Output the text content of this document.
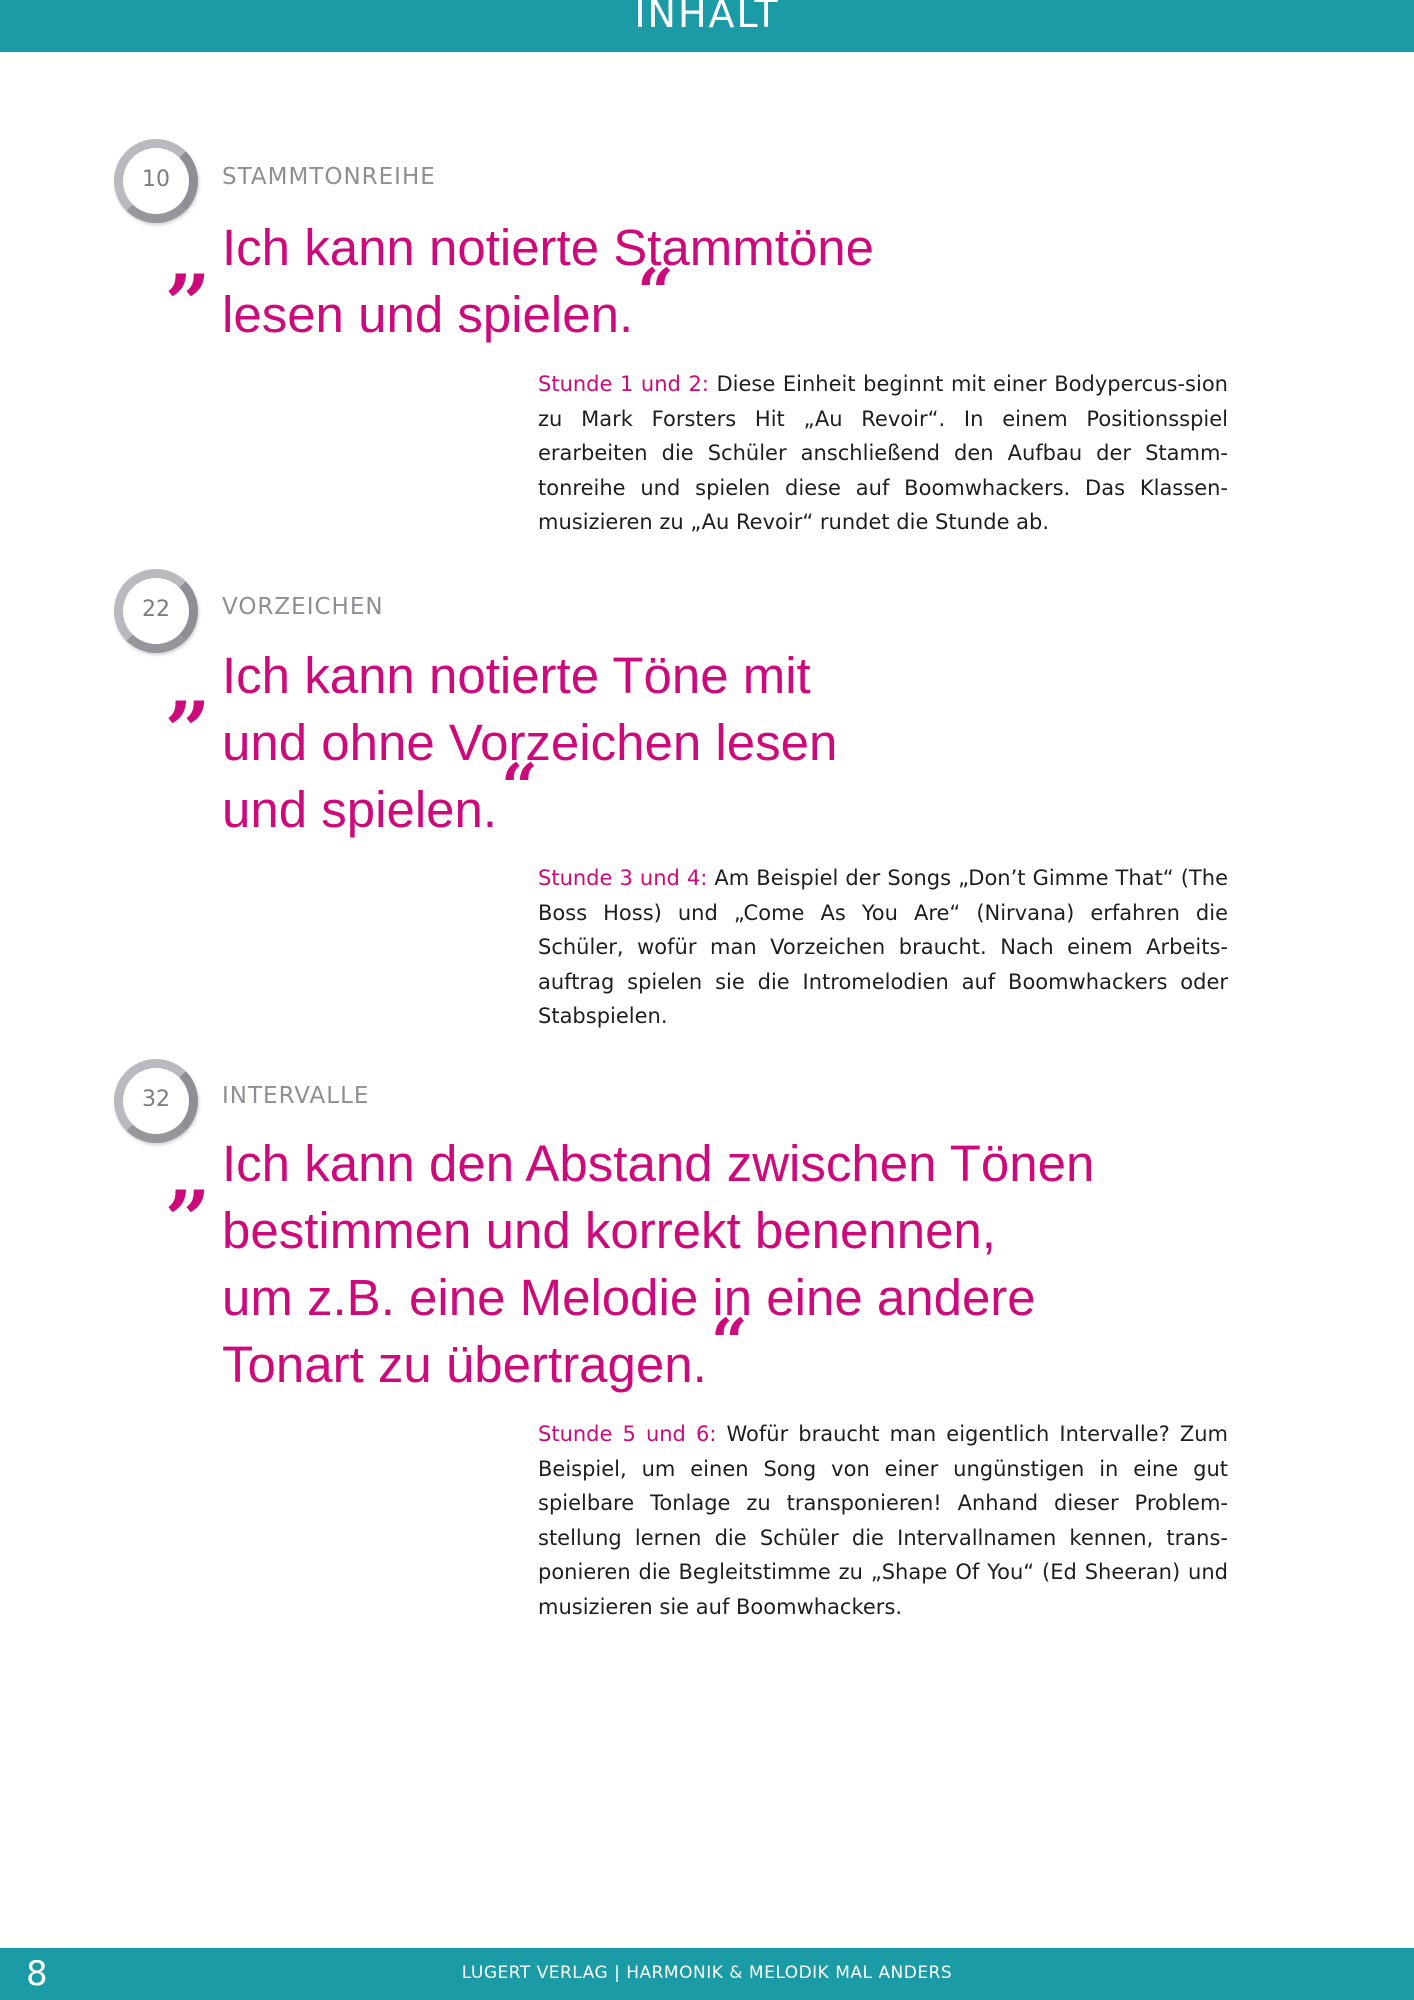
INHALT
10	STAMMTONREIHE
„ Ich kann notierte Stammtöne
lesen und spielen.“

Stunde 1 und 2: Diese Einheit beginnt mit einer Bodypercus-sion zu Mark Forsters Hit „Au Revoir“. In einem Positionsspiel erarbeiten die Schüler anschließend den Aufbau der Stamm-tonreihe und spielen diese auf Boomwhackers. Das Klassen-musizieren zu „Au Revoir“ rundet die Stunde ab.

22	VORZEICHEN
„ Ich kann notierte Töne mit
und ohne Vorzeichen lesen
und spielen.“

Stunde 3 und 4: Am Beispiel der Songs „Don’t Gimme That“ (The Boss Hoss) und „Come As You Are“ (Nirvana) erfahren die Schüler, wofür man Vorzeichen braucht. Nach einem Arbeits-auftrag spielen sie die Intromelodien auf Boomwhackers oder Stabspielen.

32	INTERVALLE
„ Ich kann den Abstand zwischen Tönen
bestimmen und korrekt benennen,
um z.B. eine Melodie in eine andere
Tonart zu übertragen.“

Stunde 5 und 6: Wofür braucht man eigentlich Intervalle? Zum Beispiel, um einen Song von einer ungünstigen in eine gut spielbare Tonlage zu transponieren! Anhand dieser Problem-stellung lernen die Schüler die Intervallnamen kennen, trans-ponieren die Begleitstimme zu „Shape Of You“ (Ed Sheeran) und musizieren sie auf Boomwhackers.

8	LUGERT VERLAG | HARMONIK & MELODIK MAL ANDERS
